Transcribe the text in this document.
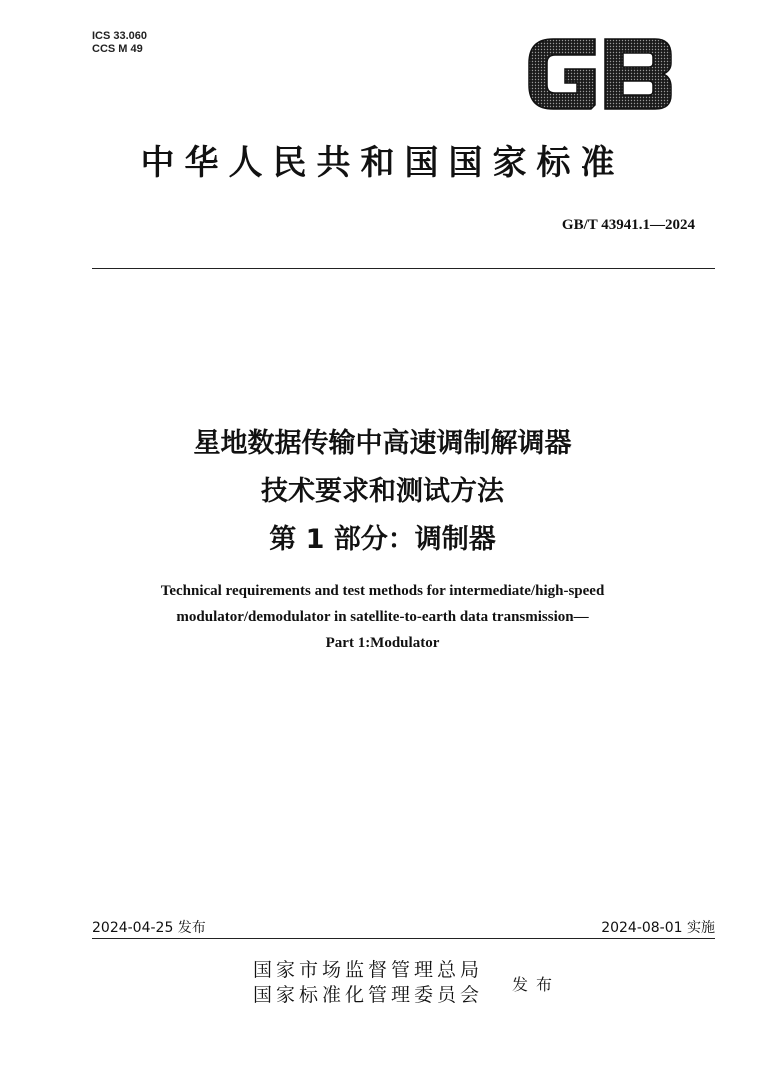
ICS 33.060
CCS M 49
中华人民共和国国家标准
GB/T 43941.1—2024
星地数据传输中高速调制解调器
技术要求和测试方法
第 1 部分：调制器
Technical requirements and test methods for intermediate/high-speed
modulator/demodulator in satellite-to-earth data transmission—
Part 1:Modulator
2024-04-25 发布	2024-08-01 实施
国家市场监督管理总局
国家标准化管理委员会 发布
